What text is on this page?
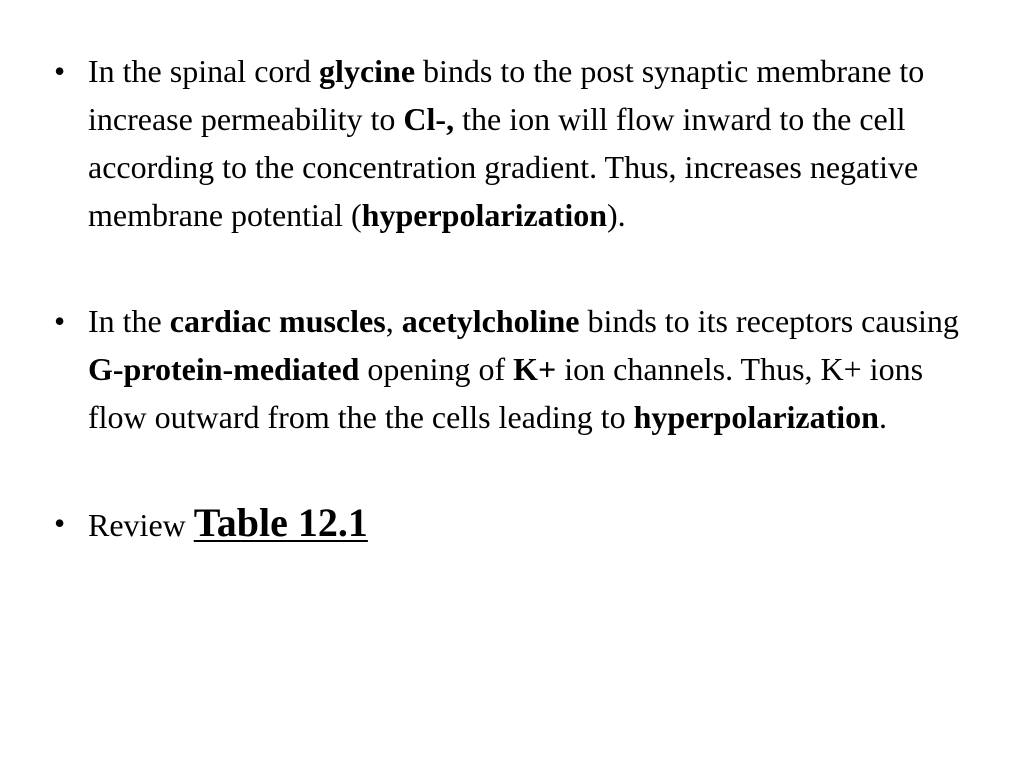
• In the spinal cord glycine binds to the post synaptic membrane to increase permeability to Cl-, the ion will flow inward to the cell according to the concentration gradient. Thus, increases negative membrane potential (hyperpolarization).
• In the cardiac muscles, acetylcholine binds to its receptors causing G-protein-mediated opening of K+ ion channels. Thus, K+ ions flow outward from the the cells leading to hyperpolarization.
• Review Table 12.1
